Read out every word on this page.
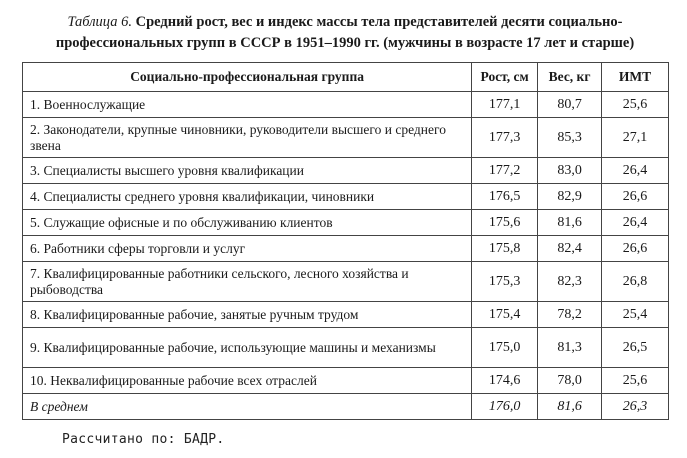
Таблица 6. Средний рост, вес и индекс массы тела представителей десяти социально-профессиональных групп в СССР в 1951–1990 гг. (мужчины в возрасте 17 лет и старше)
Социально-профессиональная группа	Рост, см	Вес, кг	ИМТ
1. Военнослужащие	177,1	80,7	25,6
2. Законодатели, крупные чиновники, руководители высшего и среднего звена	177,3	85,3	27,1
3. Специалисты высшего уровня квалификации	177,2	83,0	26,4
4. Специалисты среднего уровня квалификации, чиновники	176,5	82,9	26,6
5. Служащие офисные и по обслуживанию клиентов	175,6	81,6	26,4
6. Работники сферы торговли и услуг	175,8	82,4	26,6
7. Квалифицированные работники сельского, лесного хозяйства и рыбоводства	175,3	82,3	26,8
8. Квалифицированные рабочие, занятые ручным трудом	175,4	78,2	25,4
9. Квалифицированные рабочие, использующие машины и механизмы	175,0	81,3	26,5
10. Неквалифицированные рабочие всех отраслей	174,6	78,0	25,6
В среднем	176,0	81,6	26,3
Рассчитано по: БАДР.
